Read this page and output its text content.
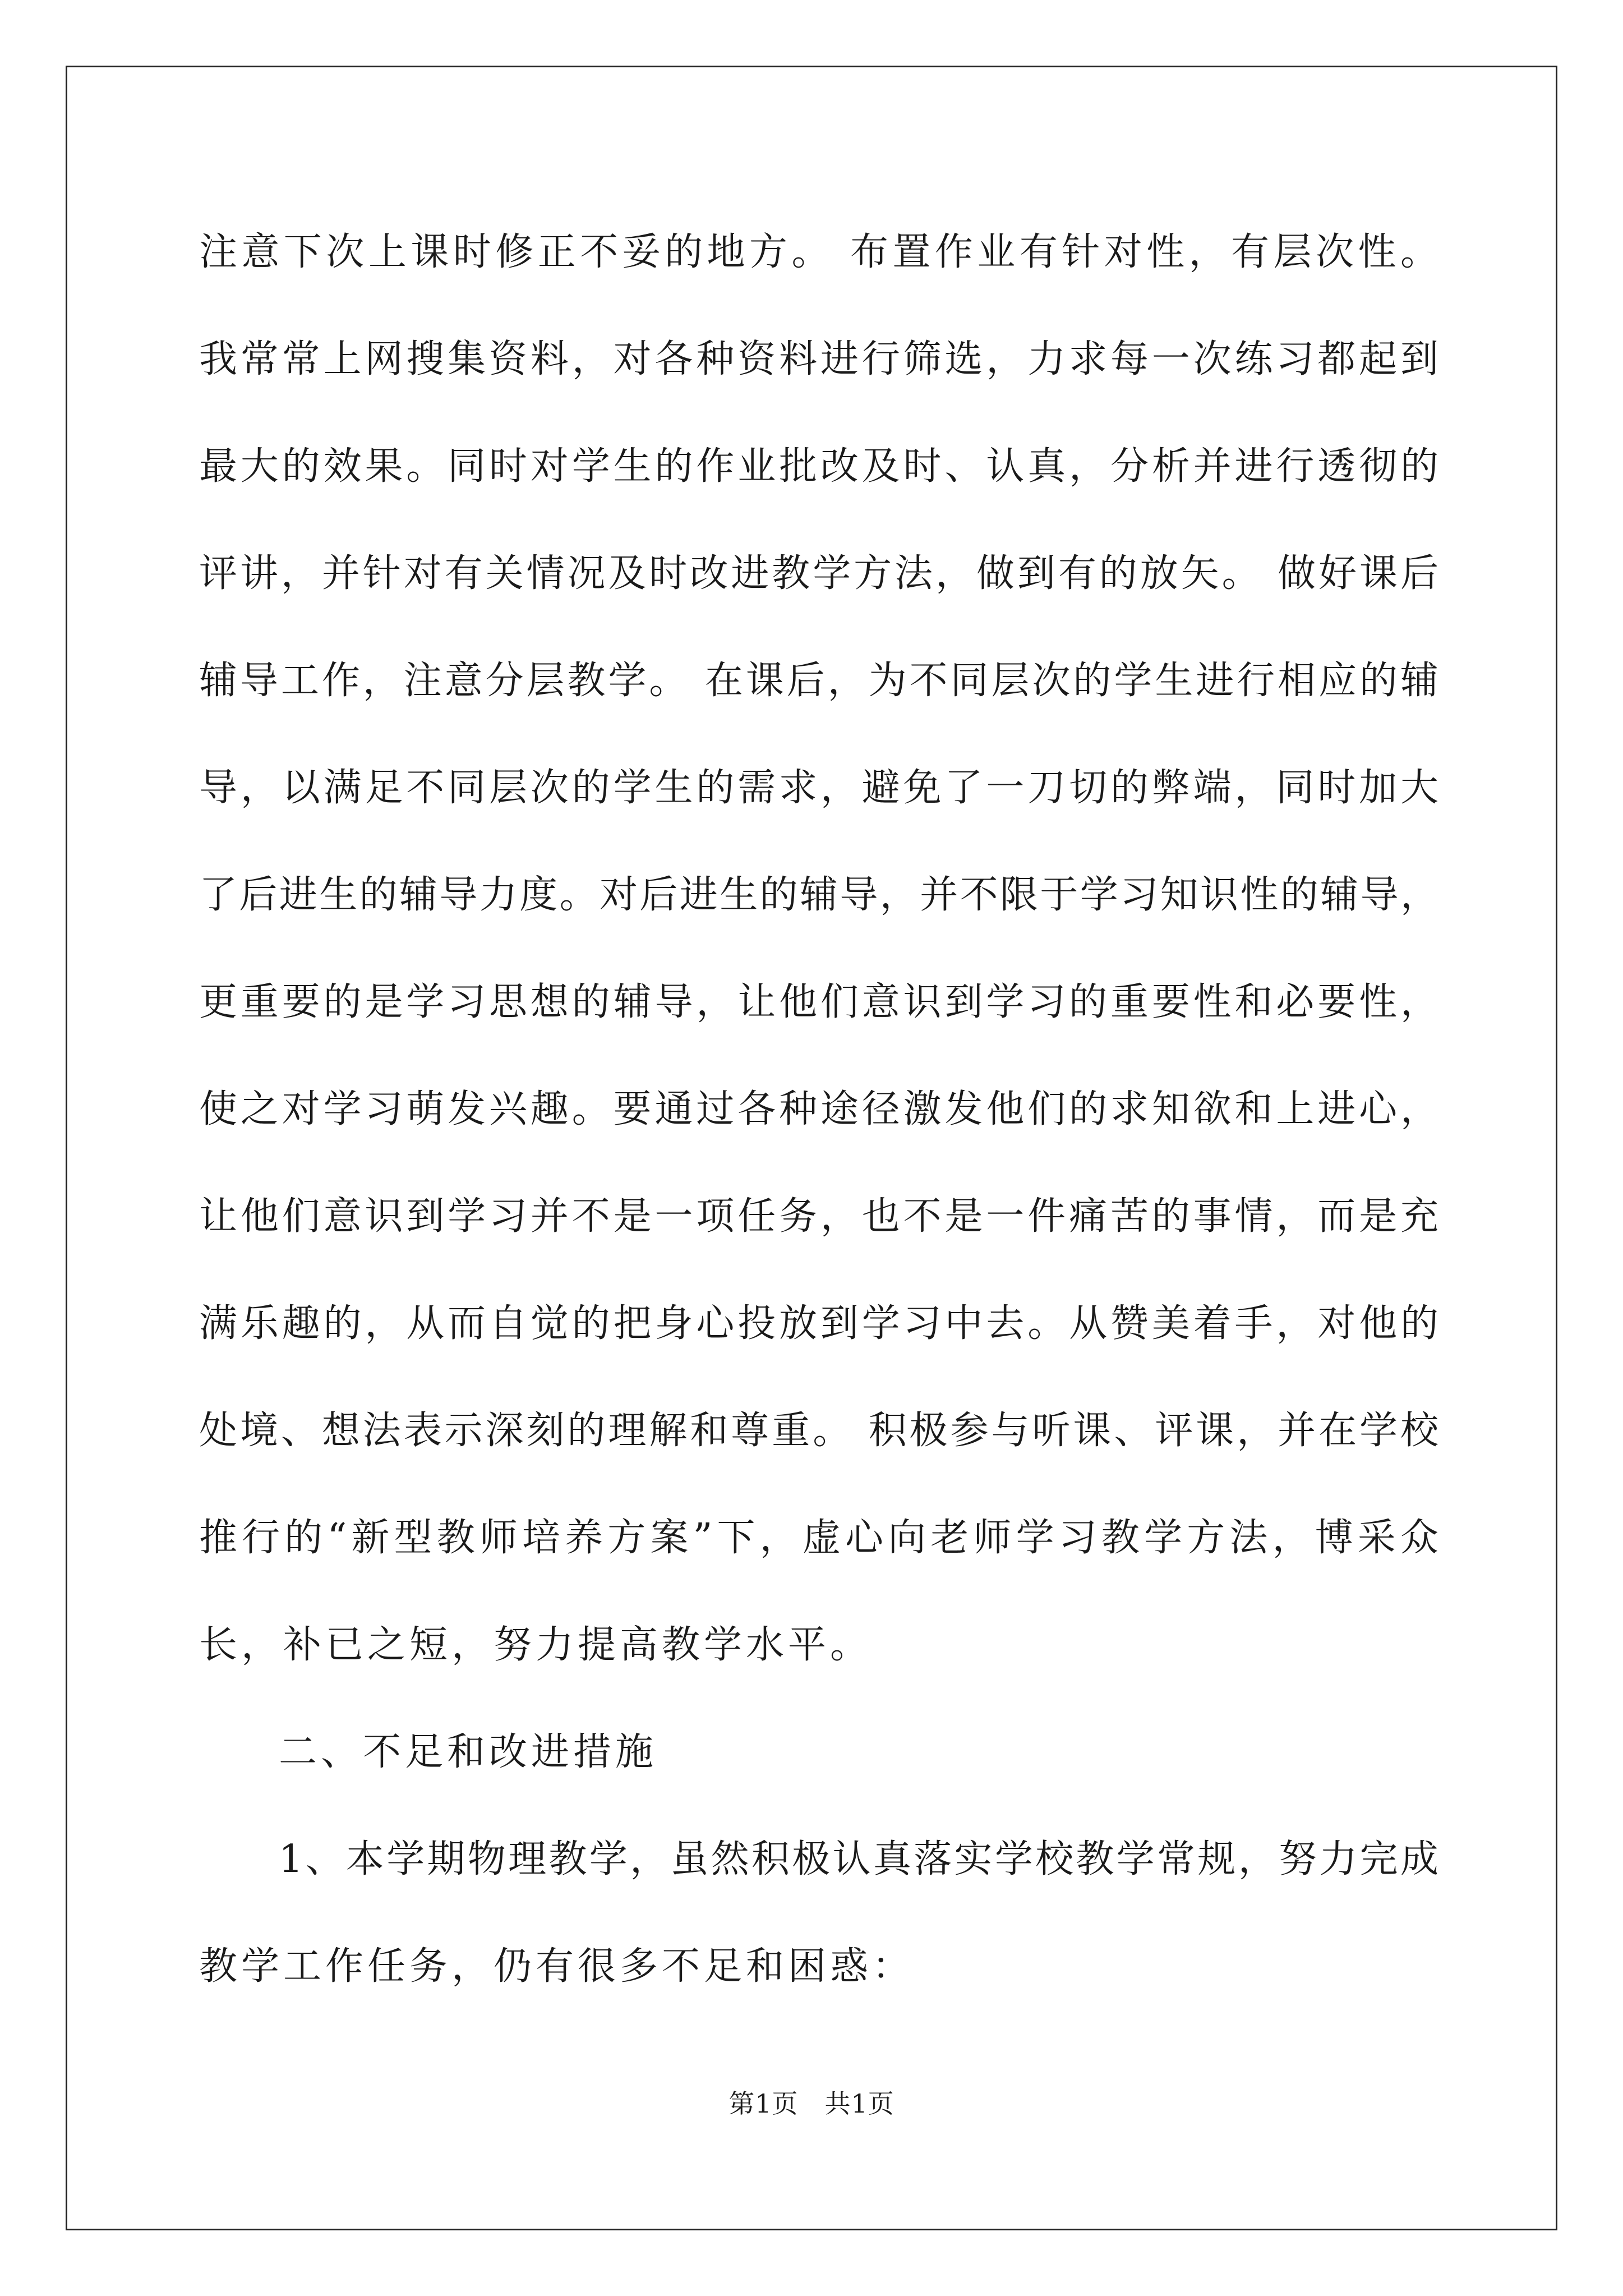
注意下次上课时修正不妥的地方。 布置作业有针对性，有层次性。
我常常上网搜集资料，对各种资料进行筛选，力求每一次练习都起到
最大的效果。同时对学生的作业批改及时、认真，分析并进行透彻的
评讲，并针对有关情况及时改进教学方法，做到有的放矢。 做好课后
辅导工作，注意分层教学。 在课后，为不同层次的学生进行相应的辅
导，以满足不同层次的学生的需求，避免了一刀切的弊端，同时加大
了后进生的辅导力度。对后进生的辅导，并不限于学习知识性的辅导，
更重要的是学习思想的辅导，让他们意识到学习的重要性和必要性，
使之对学习萌发兴趣。要通过各种途径激发他们的求知欲和上进心，
让他们意识到学习并不是一项任务，也不是一件痛苦的事情，而是充
满乐趣的，从而自觉的把身心投放到学习中去。从赞美着手，对他的
处境、想法表示深刻的理解和尊重。 积极参与听课、评课，并在学校
推行的“新型教师培养方案”下，虚心向老师学习教学方法，博采众
长，补已之短，努力提高教学水平。
二、不足和改进措施
1、本学期物理教学，虽然积极认真落实学校教学常规，努力完成
教学工作任务，仍有很多不足和困惑：
第1页　共1页
